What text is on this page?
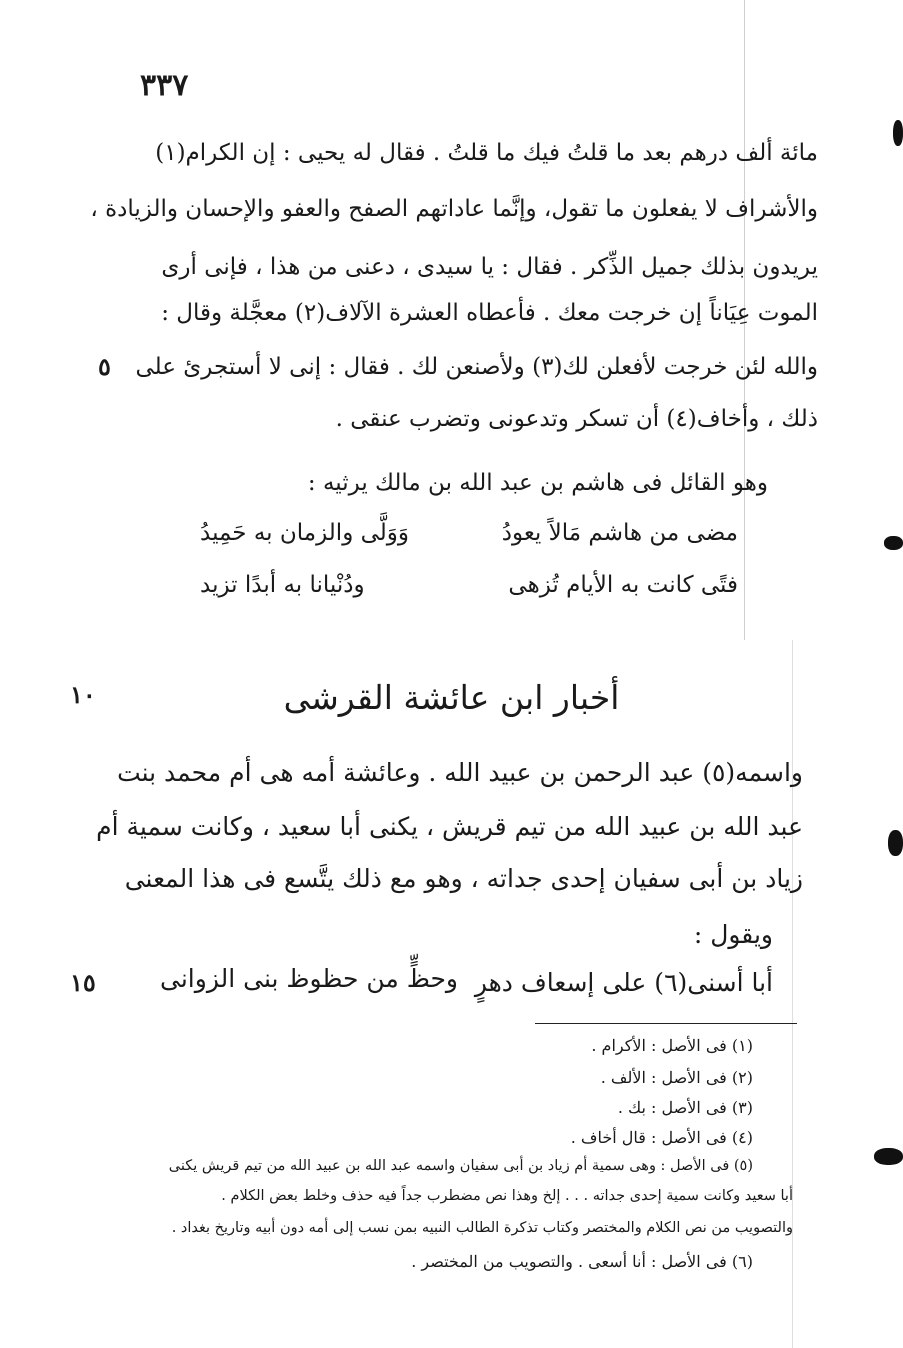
٣٣٧
مائة ألف درهم بعد ما قلتُ فيك ما قلتُ . فقال له يحيى : إن الكرام(١)
والأشراف لا يفعلون ما تقول، وإنَّما عاداتهم الصفح والعفو والإحسان والزيادة ،
يريدون بذلك جميل الذِّكر . فقال : يا سيدى ، دعنى من هذا ، فإنى أرى
الموت عِيَاناً إن خرجت معك . فأعطاه العشرة الآلاف(٢) معجَّلة وقال :
والله لئن خرجت لأفعلن لك(٣) ولأصنعن لك . فقال : إنى لا أستجرئ على
ذلك ، وأخاف(٤) أن تسكر وتدعونى وتضرب عنقى .
٥
وهو القائل فى هاشم بن عبد الله بن مالك يرثيه :
مضى من هاشم مَالاً يعودُ
وَوَلَّى والزمان به حَمِيدُ
فتًى كانت به الأيام تُزهى
ودُنْيانا به أبدًا تزيد
أخبار ابن عائشة القرشى
١٠
واسمه(٥) عبد الرحمن بن عبيد الله . وعائشة أمه هى أم محمد بنت
عبد الله بن عبيد الله من تيم قريش ، يكنى أبا سعيد ، وكانت سمية أم
زياد بن أبى سفيان إحدى جداته ، وهو مع ذلك يتَّسع فى هذا المعنى
ويقول :
أبا أسنى(٦) على إسعاف دهرٍ
وحظٍّ من حظوظ بنى الزوانى
١٥
(١) فى الأصل : الأكرام .
(٢) فى الأصل : الألف .
(٣) فى الأصل : بك .
(٤) فى الأصل : قال أخاف .
(٥) فى الأصل : وهى سمية أم زياد بن أبى سفيان واسمه عبد الله بن عبيد الله من تيم قريش يكنى
أبا سعيد وكانت سمية إحدى جداته . . . إلخ وهذا نص مضطرب جداً فيه حذف وخلط بعض الكلام .
والتصويب من نص الكلام والمختصر وكتاب تذكرة الطالب النبيه بمن نسب إلى أمه دون أبيه وتاريخ بغداد .
(٦) فى الأصل : أنا أسعى . والتصويب من المختصر .
